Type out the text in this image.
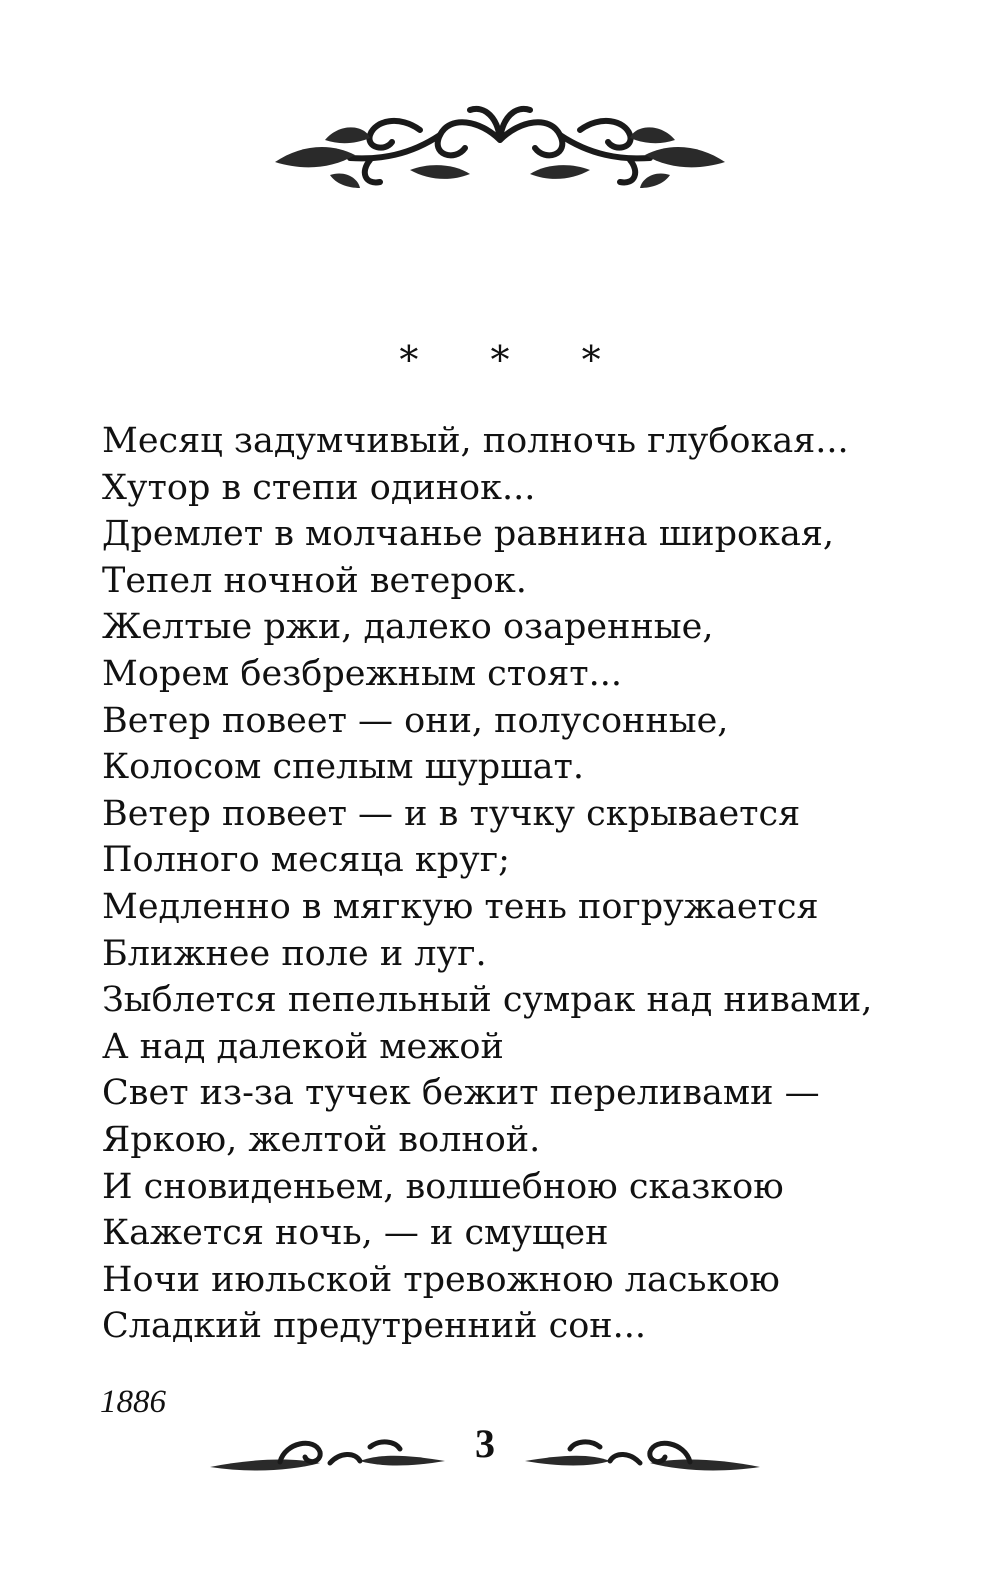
* * *
Месяц задумчивый, полночь глубокая...
Хутор в степи одинок...
Дремлет в молчанье равнина широкая,
Тепел ночной ветерок.
Желтые ржи, далеко озаренные,
Морем безбрежным стоят...
Ветер повеет — они, полусонные,
Колосом спелым шуршат.
Ветер повеет — и в тучку скрывается
Полного месяца круг;
Медленно в мягкую тень погружается
Ближнее поле и луг.
Зыблется пепельный сумрак над нивами,
А над далекой межой
Свет из-за тучек бежит переливами —
Яркою, желтой волной.
И сновиденьем, волшебною сказкою
Кажется ночь, — и смущен
Ночи июльской тревожною лаською
Сладкий предутренний сон...
1886
3
